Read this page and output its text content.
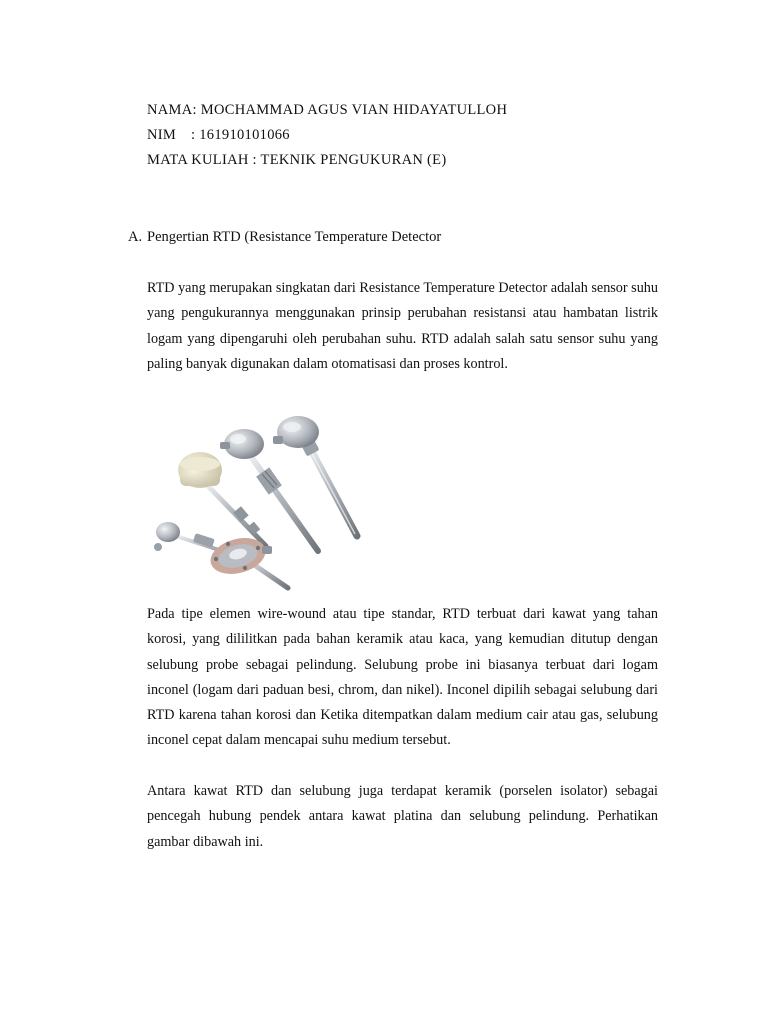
NAMA: MOCHAMMAD AGUS VIAN HIDAYATULLOH
NIM : 161910101066
MATA KULIAH : TEKNIK PENGUKURAN (E)
A. Pengertian RTD (Resistance Temperature Detector

RTD yang merupakan singkatan dari Resistance Temperature Detector adalah sensor suhu yang pengukurannya menggunakan prinsip perubahan resistansi atau hambatan listrik logam yang dipengaruhi oleh perubahan suhu. RTD adalah salah satu sensor suhu yang paling banyak digunakan dalam otomatisasi dan proses kontrol.

Pada tipe elemen wire-wound atau tipe standar, RTD terbuat dari kawat yang tahan korosi, yang dililitkan pada bahan keramik atau kaca, yang kemudian ditutup dengan selubung probe sebagai pelindung. Selubung probe ini biasanya terbuat dari logam inconel (logam dari paduan besi, chrom, dan nikel). Inconel dipilih sebagai selubung dari RTD karena tahan korosi dan Ketika ditempatkan dalam medium cair atau gas, selubung inconel cepat dalam mencapai suhu medium tersebut.

Antara kawat RTD dan selubung juga terdapat keramik (porselen isolator) sebagai pencegah hubung pendek antara kawat platina dan selubung pelindung. Perhatikan gambar dibawah ini.
